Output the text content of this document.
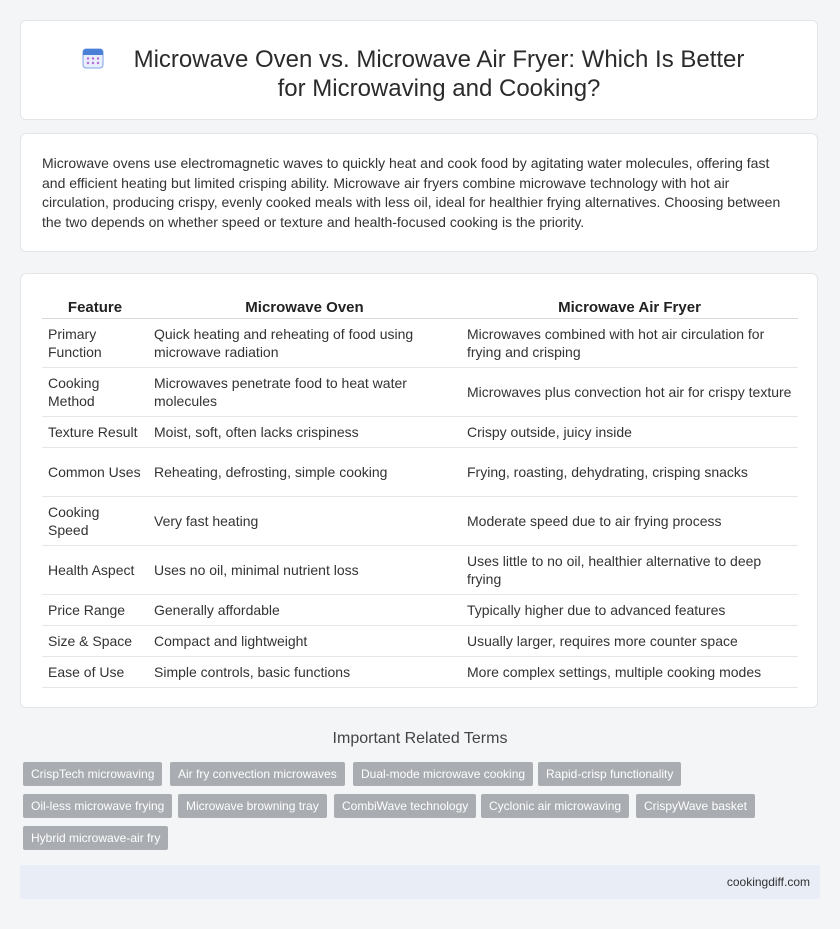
Microwave Oven vs. Microwave Air Fryer: Which Is Better for Microwaving and Cooking?
Microwave ovens use electromagnetic waves to quickly heat and cook food by agitating water molecules, offering fast and efficient heating but limited crisping ability. Microwave air fryers combine microwave technology with hot air circulation, producing crispy, evenly cooked meals with less oil, ideal for healthier frying alternatives. Choosing between the two depends on whether speed or texture and health-focused cooking is the priority.
Feature	Microwave Oven	Microwave Air Fryer
Primary Function	Quick heating and reheating of food using microwave radiation	Microwaves combined with hot air circulation for frying and crisping
Cooking Method	Microwaves penetrate food to heat water molecules	Microwaves plus convection hot air for crispy texture
Texture Result	Moist, soft, often lacks crispiness	Crispy outside, juicy inside
Common Uses	Reheating, defrosting, simple cooking	Frying, roasting, dehydrating, crisping snacks
Cooking Speed	Very fast heating	Moderate speed due to air frying process
Health Aspect	Uses no oil, minimal nutrient loss	Uses little to no oil, healthier alternative to deep frying
Price Range	Generally affordable	Typically higher due to advanced features
Size & Space	Compact and lightweight	Usually larger, requires more counter space
Ease of Use	Simple controls, basic functions	More complex settings, multiple cooking modes
Important Related Terms
CrispTech microwaving	Air fry convection microwaves	Dual-mode microwave cooking	Rapid-crisp functionality
Oil-less microwave frying	Microwave browning tray	CombiWave technology	Cyclonic air microwaving	CrispyWave basket
Hybrid microwave-air fry
cookingdiff.com
